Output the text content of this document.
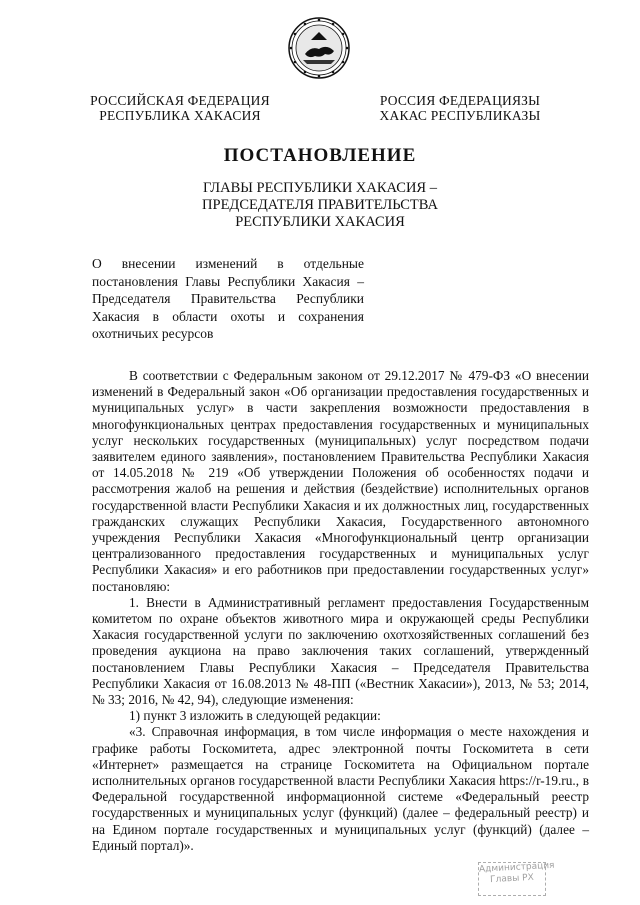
РОССИЙСКАЯ ФЕДЕРАЦИЯ
РЕСПУБЛИКА ХАКАСИЯ
РОССИЯ ФЕДЕРАЦИЯЗЫ
ХАКАС РЕСПУБЛИКАЗЫ
ПОСТАНОВЛЕНИЕ
ГЛАВЫ РЕСПУБЛИКИ ХАКАСИЯ –
ПРЕДСЕДАТЕЛЯ ПРАВИТЕЛЬСТВА
РЕСПУБЛИКИ ХАКАСИЯ
О внесении изменений в отдельные
постановления Главы Республики Хакасия –
Председателя Правительства Республики
Хакасия в области охоты и сохранения
охотничьих ресурсов

В соответствии с Федеральным законом от 29.12.2017 № 479-ФЗ «О внесении изменений в Федеральный закон «Об организации предоставления государственных и муниципальных услуг» в части закрепления возможности предоставления в многофункциональных центрах предоставления государственных и муниципальных услуг нескольких государственных (муниципальных) услуг посредством подачи заявителем единого заявления», постановлением Правительства Республики Хакасия от 14.05.2018 № 219 «Об утверждении Положения об особенностях подачи и рассмотрения жалоб на решения и действия (бездействие) исполнительных органов государственной власти Республики Хакасия и их должностных лиц, государственных гражданских служащих Республики Хакасия, Государственного автономного учреждения Республики Хакасия «Многофункциональный центр организации централизованного предоставления государственных и муниципальных услуг Республики Хакасия» и его работников при предоставлении государственных услуг» постановляю:

1. Внести в Административный регламент предоставления Государственным комитетом по охране объектов животного мира и окружающей среды Республики Хакасия государственной услуги по заключению охотхозяйственных соглашений без проведения аукциона на право заключения таких соглашений, утвержденный постановлением Главы Республики Хакасия – Председателя Правительства Республики Хакасия от 16.08.2013 № 48-ПП («Вестник Хакасии»), 2013, № 53; 2014, № 33; 2016, № 42, 94), следующие изменения:

1) пункт 3 изложить в следующей редакции:

«3. Справочная информация, в том числе информация о месте нахождения и графике работы Госкомитета, адрес электронной почты Госкомитета в сети «Интернет» размещается на странице Госкомитета на Официальном портале исполнительных органов государственной власти Республики Хакасия https://r-19.ru., в Федеральной государственной информационной системе «Федеральный реестр государственных и муниципальных услуг (функций) (далее – федеральный реестр) и на Едином портале государственных и муниципальных услуг (функций) (далее – Единый портал)».

Администрация
Главы РХ
